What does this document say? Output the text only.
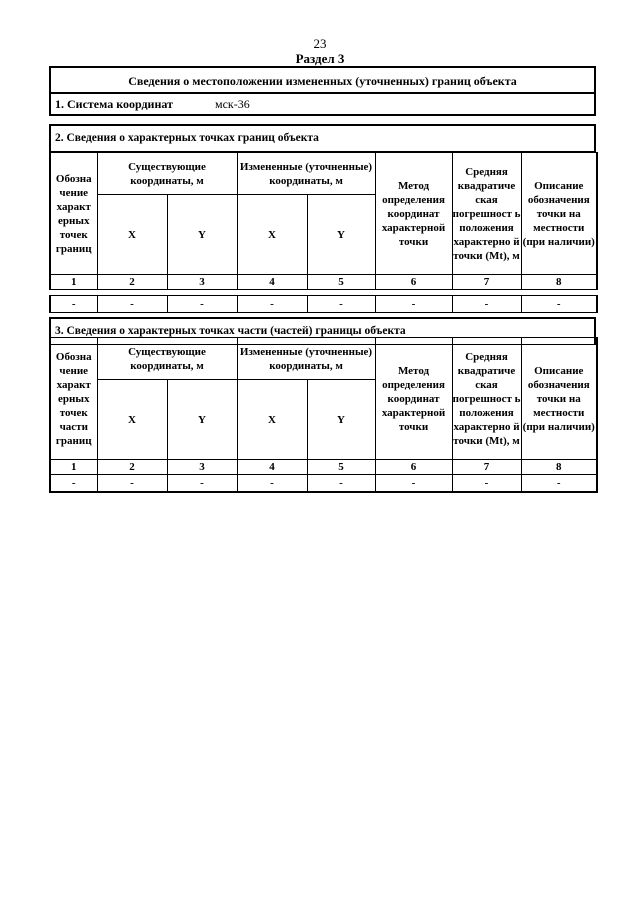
23
Раздел 3
Сведения о местоположении измененных (уточненных) границ объекта
1. Система координат	мск-36
2. Сведения о характерных точках границ объекта
Обозна чение характ ерных точек границ	Существующие координаты, м		Измененные (уточненные) координаты, м		Метод определения координат характерной точки	Средняя квадратиче ская погрешност ь положения характерно й точки (Mt), м	Описание обозначения точки на местности (при наличии)
	X	Y	X	Y			
1	2	3	4	5	6	7	8
-	-	-	-	-	-	-	-
3. Сведения о характерных точках части (частей) границы объекта
Обозна чение характ ерных точек части границ	Существующие координаты, м		Измененные (уточненные) координаты, м		Метод определения координат характерной точки	Средняя квадратиче ская погрешност ь положения характерно й точки (Mt), м	Описание обозначения точки на местности (при наличии)
	X	Y	X	Y			
1	2	3	4	5	6	7	8
-	-	-	-	-	-	-	-
